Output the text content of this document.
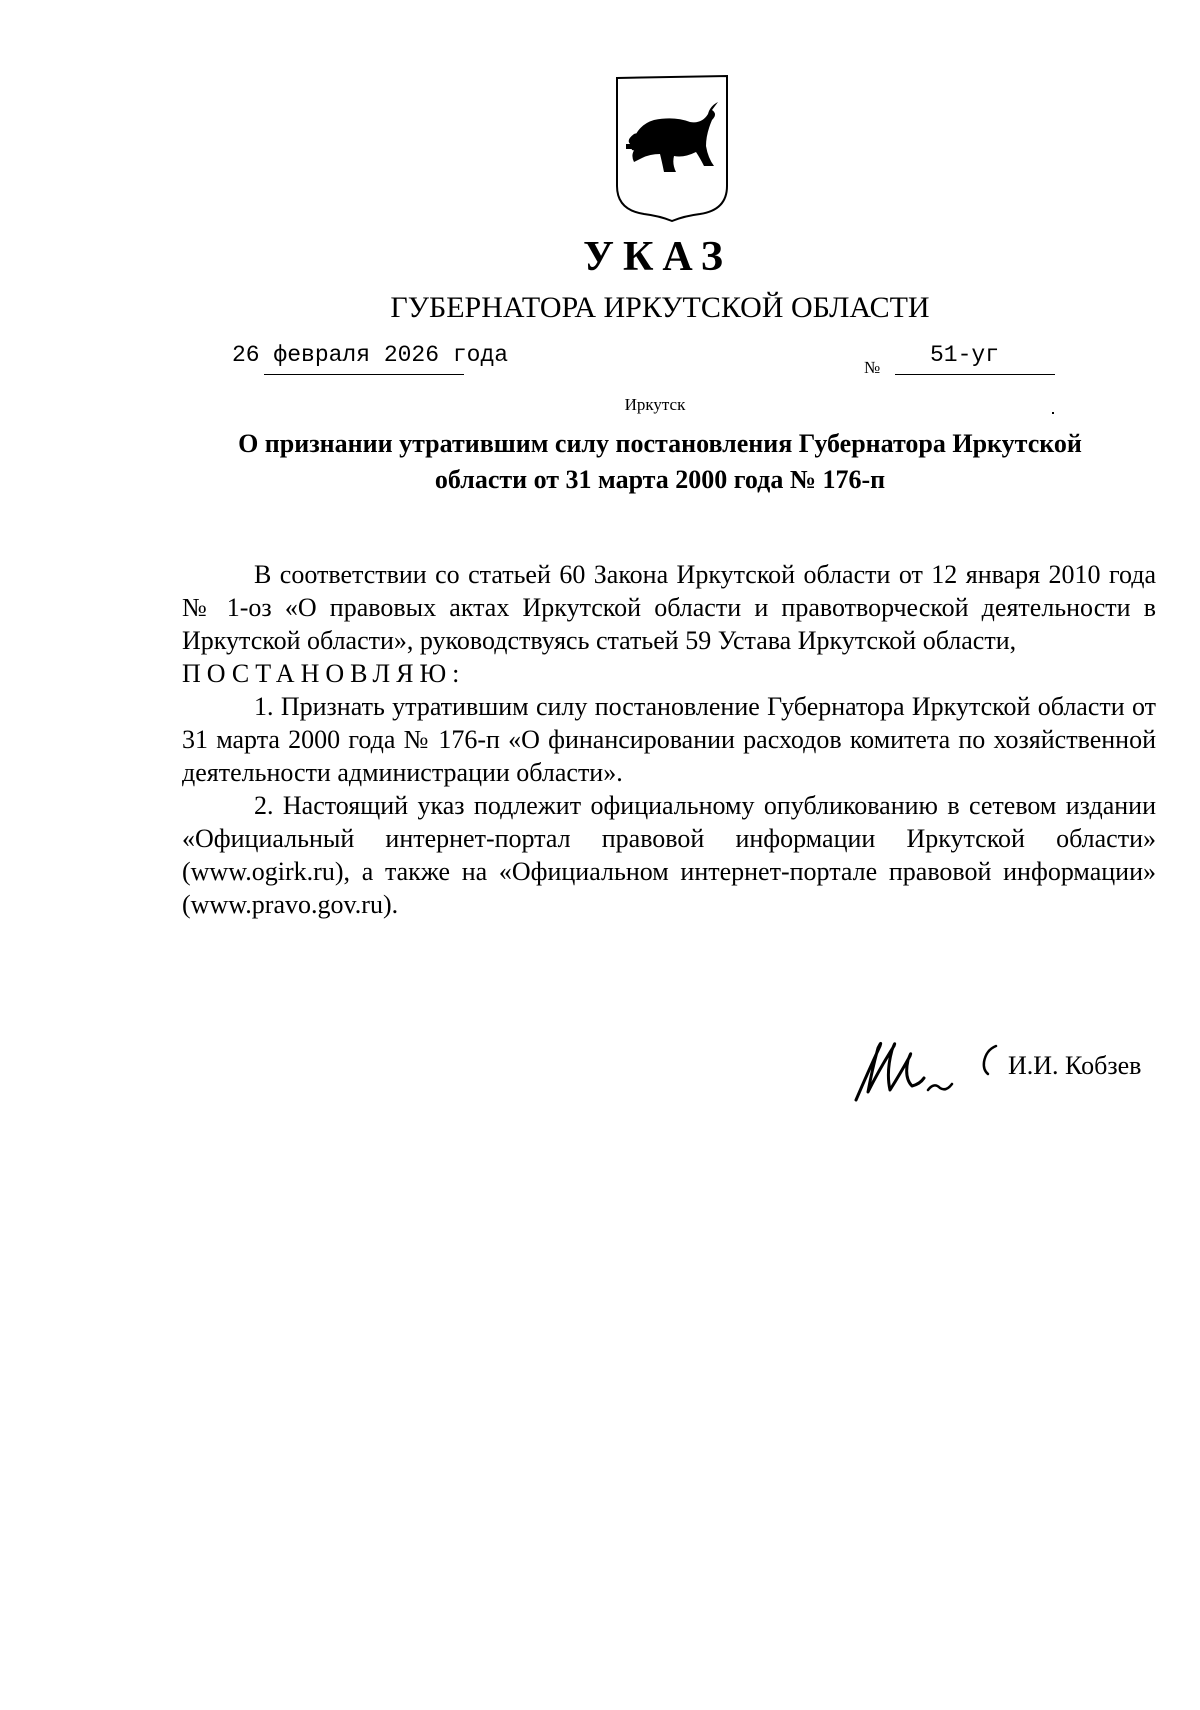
УКАЗ
ГУБЕРНАТОРА ИРКУТСКОЙ ОБЛАСТИ
26 февраля 2026 года	№ 51-уг
Иркутск
О признании утратившим силу постановления Губернатора Иркутской области от 31 марта 2000 года № 176-п

В соответствии со статьей 60 Закона Иркутской области от 12 января 2010 года № 1-оз «О правовых актах Иркутской области и правотворческой деятельности в Иркутской области», руководствуясь статьей 59 Устава Иркутской области,

ПОСТАНОВЛЯЮ:

1. Признать утратившим силу постановление Губернатора Иркутской области от 31 марта 2000 года № 176-п «О финансировании расходов комитета по хозяйственной деятельности администрации области».

2. Настоящий указ подлежит официальному опубликованию в сетевом издании «Официальный интернет-портал правовой информации Иркутской области» (www.ogirk.ru), а также на «Официальном интернет-портале правовой информации» (www.pravo.gov.ru).

И.И. Кобзев
